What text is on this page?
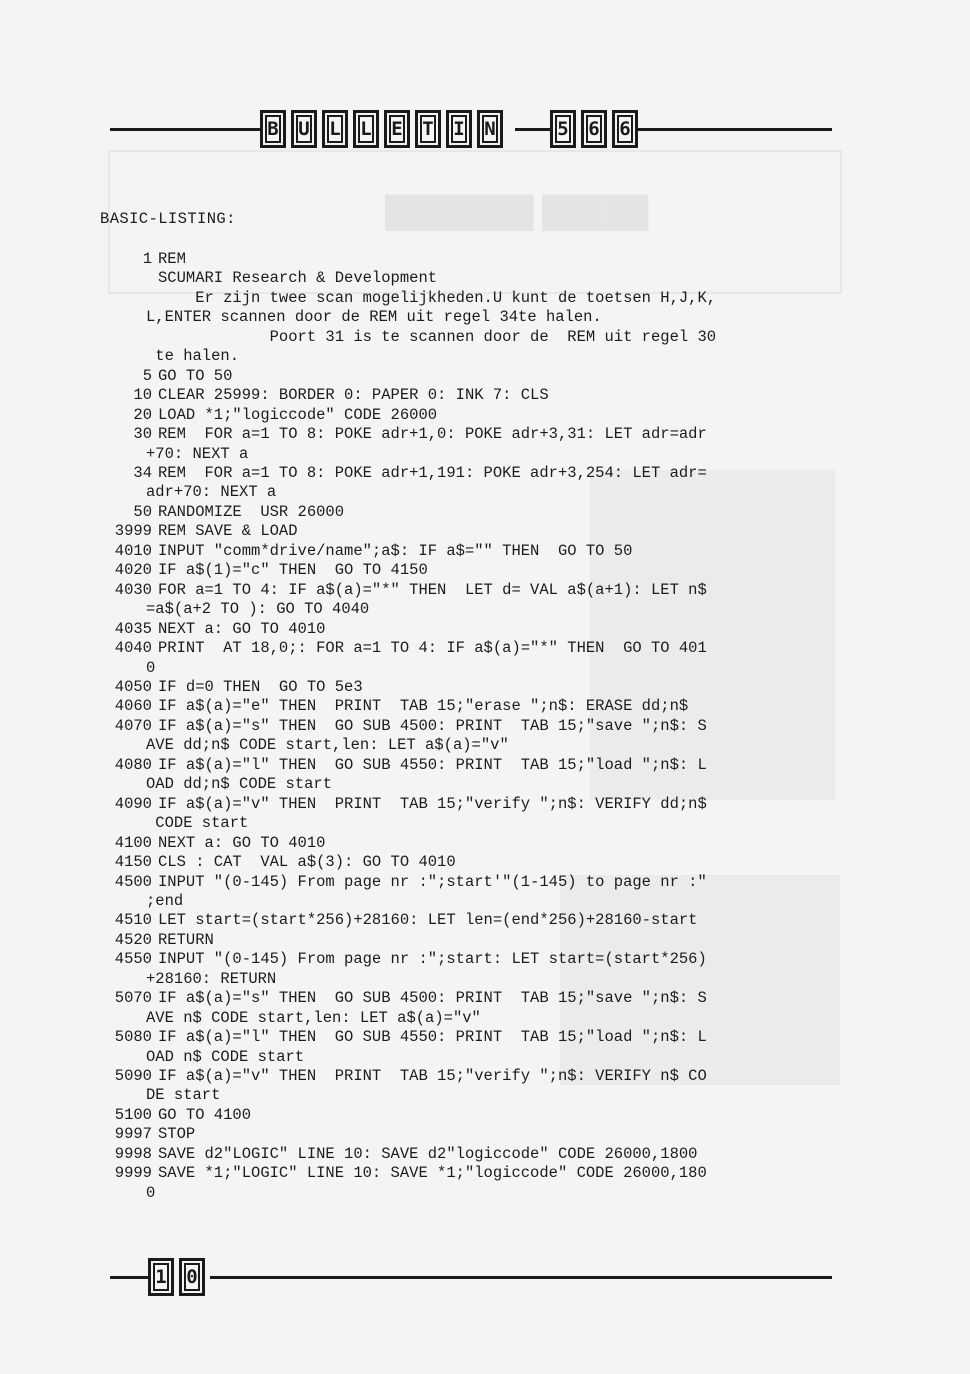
█████ ███████
B	U	L	L	E	T	I	N	5	6	6
BASIC-LISTING:
1 REM
SCUMARI Research & Development
Er zijn twee scan mogelijkheden.U kunt de toetsen H,J,K,
L,ENTER scannen door de REM uit regel 34te halen.
Poort 31 is te scannen door de  REM uit regel 30
te halen.
5 GO TO 50
10 CLEAR 25999: BORDER 0: PAPER 0: INK 7: CLS
20 LOAD *1;"logiccode" CODE 26000
30 REM  FOR a=1 TO 8: POKE adr+1,0: POKE adr+3,31: LET adr=adr
+70: NEXT a
34 REM  FOR a=1 TO 8: POKE adr+1,191: POKE adr+3,254: LET adr=
adr+70: NEXT a
50 RANDOMIZE  USR 26000
3999 REM SAVE & LOAD
4010 INPUT "comm*drive/name";a$: IF a$="" THEN  GO TO 50
4020 IF a$(1)="c" THEN  GO TO 4150
4030 FOR a=1 TO 4: IF a$(a)="*" THEN  LET d= VAL a$(a+1): LET n$
=a$(a+2 TO ): GO TO 4040
4035 NEXT a: GO TO 4010
4040 PRINT  AT 18,0;: FOR a=1 TO 4: IF a$(a)="*" THEN  GO TO 401
0
4050 IF d=0 THEN  GO TO 5e3
4060 IF a$(a)="e" THEN  PRINT  TAB 15;"erase ";n$: ERASE dd;n$
4070 IF a$(a)="s" THEN  GO SUB 4500: PRINT  TAB 15;"save ";n$: S
AVE dd;n$ CODE start,len: LET a$(a)="v"
4080 IF a$(a)="l" THEN  GO SUB 4550: PRINT  TAB 15;"load ";n$: L
OAD dd;n$ CODE start
4090 IF a$(a)="v" THEN  PRINT  TAB 15;"verify ";n$: VERIFY dd;n$
CODE start
4100 NEXT a: GO TO 4010
4150 CLS : CAT  VAL a$(3): GO TO 4010
4500 INPUT "(0-145) From page nr :";start'"(1-145) to page nr :"
;end
4510 LET start=(start*256)+28160: LET len=(end*256)+28160-start
4520 RETURN
4550 INPUT "(0-145) From page nr :";start: LET start=(start*256)
+28160: RETURN
5070 IF a$(a)="s" THEN  GO SUB 4500: PRINT  TAB 15;"save ";n$: S
AVE n$ CODE start,len: LET a$(a)="v"
5080 IF a$(a)="l" THEN  GO SUB 4550: PRINT  TAB 15;"load ";n$: L
OAD n$ CODE start
5090 IF a$(a)="v" THEN  PRINT  TAB 15;"verify ";n$: VERIFY n$ CO
DE start
5100 GO TO 4100
9997 STOP
9998 SAVE d2"LOGIC" LINE 10: SAVE d2"logiccode" CODE 26000,1800
9999 SAVE *1;"LOGIC" LINE 10: SAVE *1;"logiccode" CODE 26000,180
0
1	0
